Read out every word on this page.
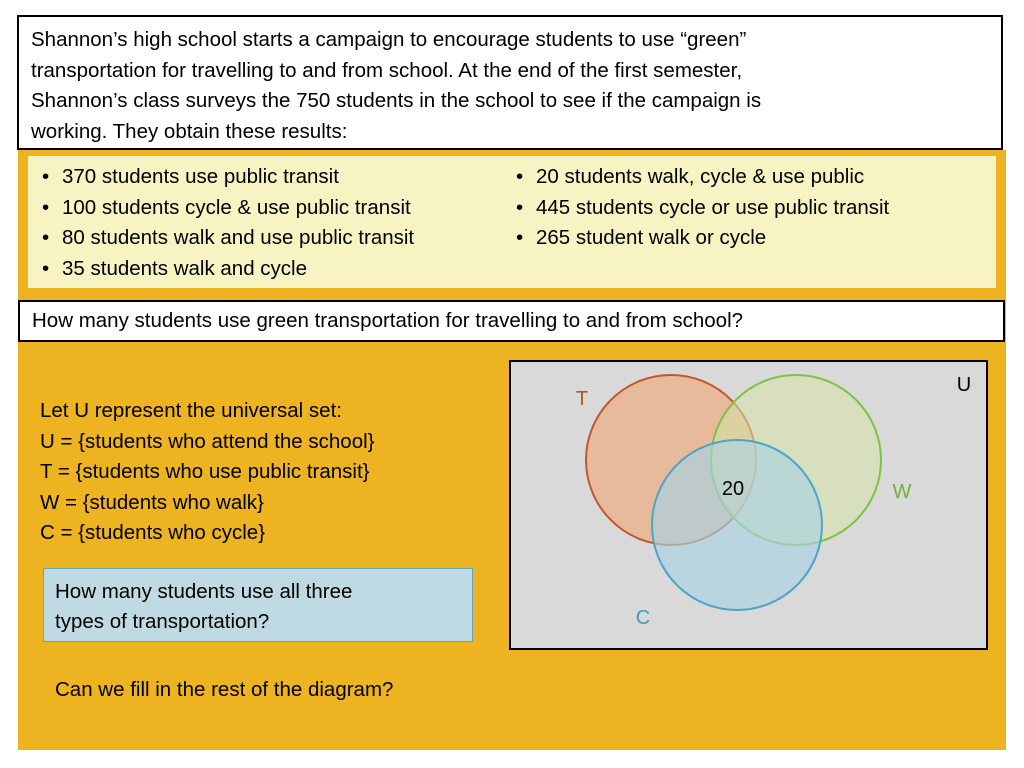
Shannon’s high school starts a campaign to encourage students to use “green”
transportation for travelling to and from school. At the end of the first semester,
Shannon’s class surveys the 750 students in the school to see if the campaign is
working. They obtain these results:
• 370 students use public transit
• 100 students cycle & use public transit
• 80 students walk and use public transit
• 35 students walk and cycle
• 20 students walk, cycle & use public
• 445 students cycle or use public transit
• 265 student walk or cycle
How many students use green transportation for travelling to and from school?
Let U represent the universal set:
U = {students who attend the school}
T = {students who use public transit}
W = {students who walk}
C = {students who cycle}
How many students use all three
types of transportation?
Can we fill in the rest of the diagram?
U
T
W
C
20
